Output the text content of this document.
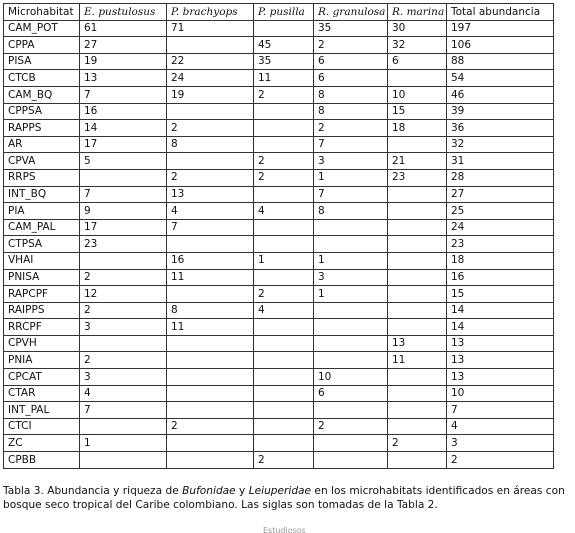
Microhabitat	E. pustulosus	P. brachyops	P. pusilla	R. granulosa	R. marina	Total abundancia
CAM_POT	61	71		35	30	197
CPPA	27		45	2	32	106
PISA	19	22	35	6	6	88
CTCB	13	24	11	6		54
CAM_BQ	7	19	2	8	10	46
CPPSA	16			8	15	39
RAPPS	14	2		2	18	36
AR	17	8		7		32
CPVA	5		2	3	21	31
RRPS		2	2	1	23	28
INT_BQ	7	13		7		27
PIA	9	4	4	8		25
CAM_PAL	17	7				24
CTPSA	23					23
VHAI		16	1	1		18
PNISA	2	11		3		16
RAPCPF	12		2	1		15
RAIPPS	2	8	4			14
RRCPF	3	11				14
CPVH					13	13
PNIA	2				11	13
CPCAT	3			10		13
CTAR	4			6		10
INT_PAL	7					7
CTCI		2		2		4
ZC	1				2	3
CPBB			2			2

Tabla 3. Abundancia y riqueza de Bufonidae y Leiuperidae en los microhabitats identificados en áreas con bosque seco tropical del Caribe colombiano. Las siglas son tomadas de la Tabla 2.

Estudiosos
